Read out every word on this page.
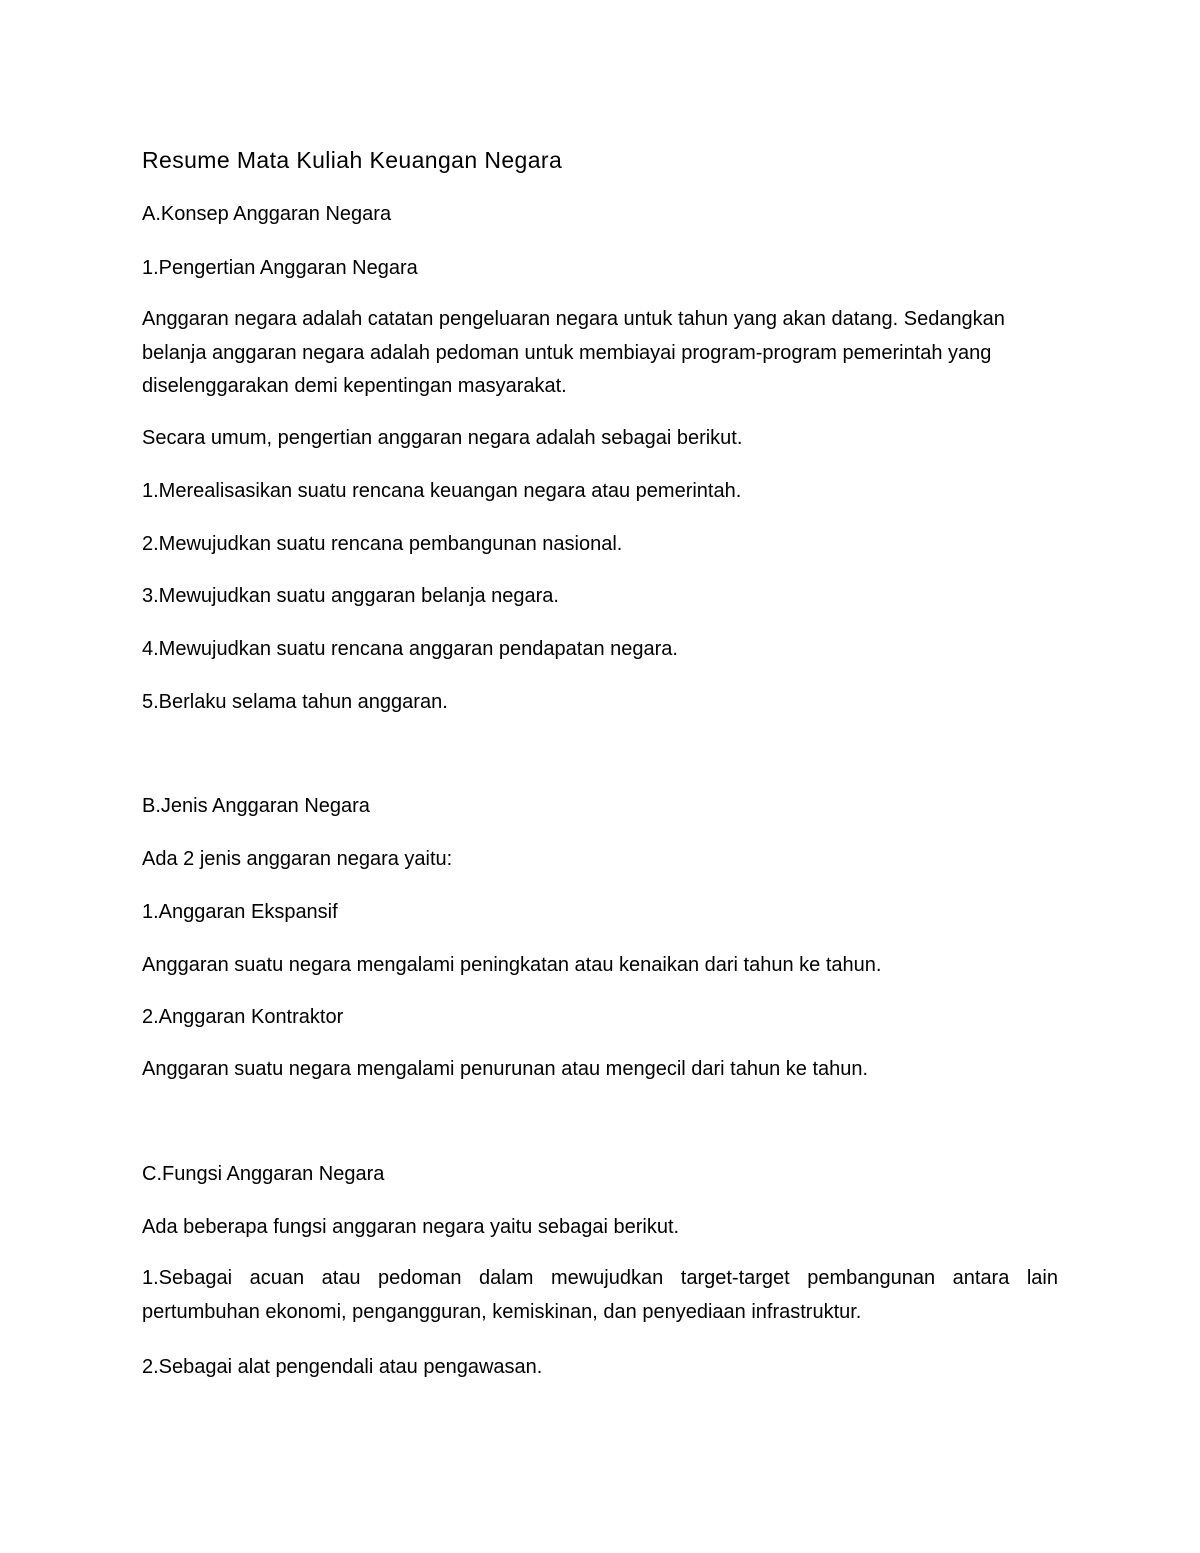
Resume Mata Kuliah Keuangan Negara
A.Konsep Anggaran Negara
1.Pengertian Anggaran Negara

Anggaran negara adalah catatan pengeluaran negara untuk tahun yang akan datang. Sedangkan belanja anggaran negara adalah pedoman untuk membiayai program-program pemerintah yang diselenggarakan demi kepentingan masyarakat.

Secara umum, pengertian anggaran negara adalah sebagai berikut.
1.Merealisasikan suatu rencana keuangan negara atau pemerintah.
2.Mewujudkan suatu rencana pembangunan nasional.
3.Mewujudkan suatu anggaran belanja negara.
4.Mewujudkan suatu rencana anggaran pendapatan negara.
5.Berlaku selama tahun anggaran.
B.Jenis Anggaran Negara
Ada 2 jenis anggaran negara yaitu:
1.Anggaran Ekspansif
Anggaran suatu negara mengalami peningkatan atau kenaikan dari tahun ke tahun.
2.Anggaran Kontraktor
Anggaran suatu negara mengalami penurunan atau mengecil dari tahun ke tahun.
C.Fungsi Anggaran Negara
Ada beberapa fungsi anggaran negara yaitu sebagai berikut.

1.Sebagai acuan atau pedoman dalam mewujudkan target-target pembangunan antara lain pertumbuhan ekonomi, pengangguran, kemiskinan, dan penyediaan infrastruktur.

2.Sebagai alat pengendali atau pengawasan.
